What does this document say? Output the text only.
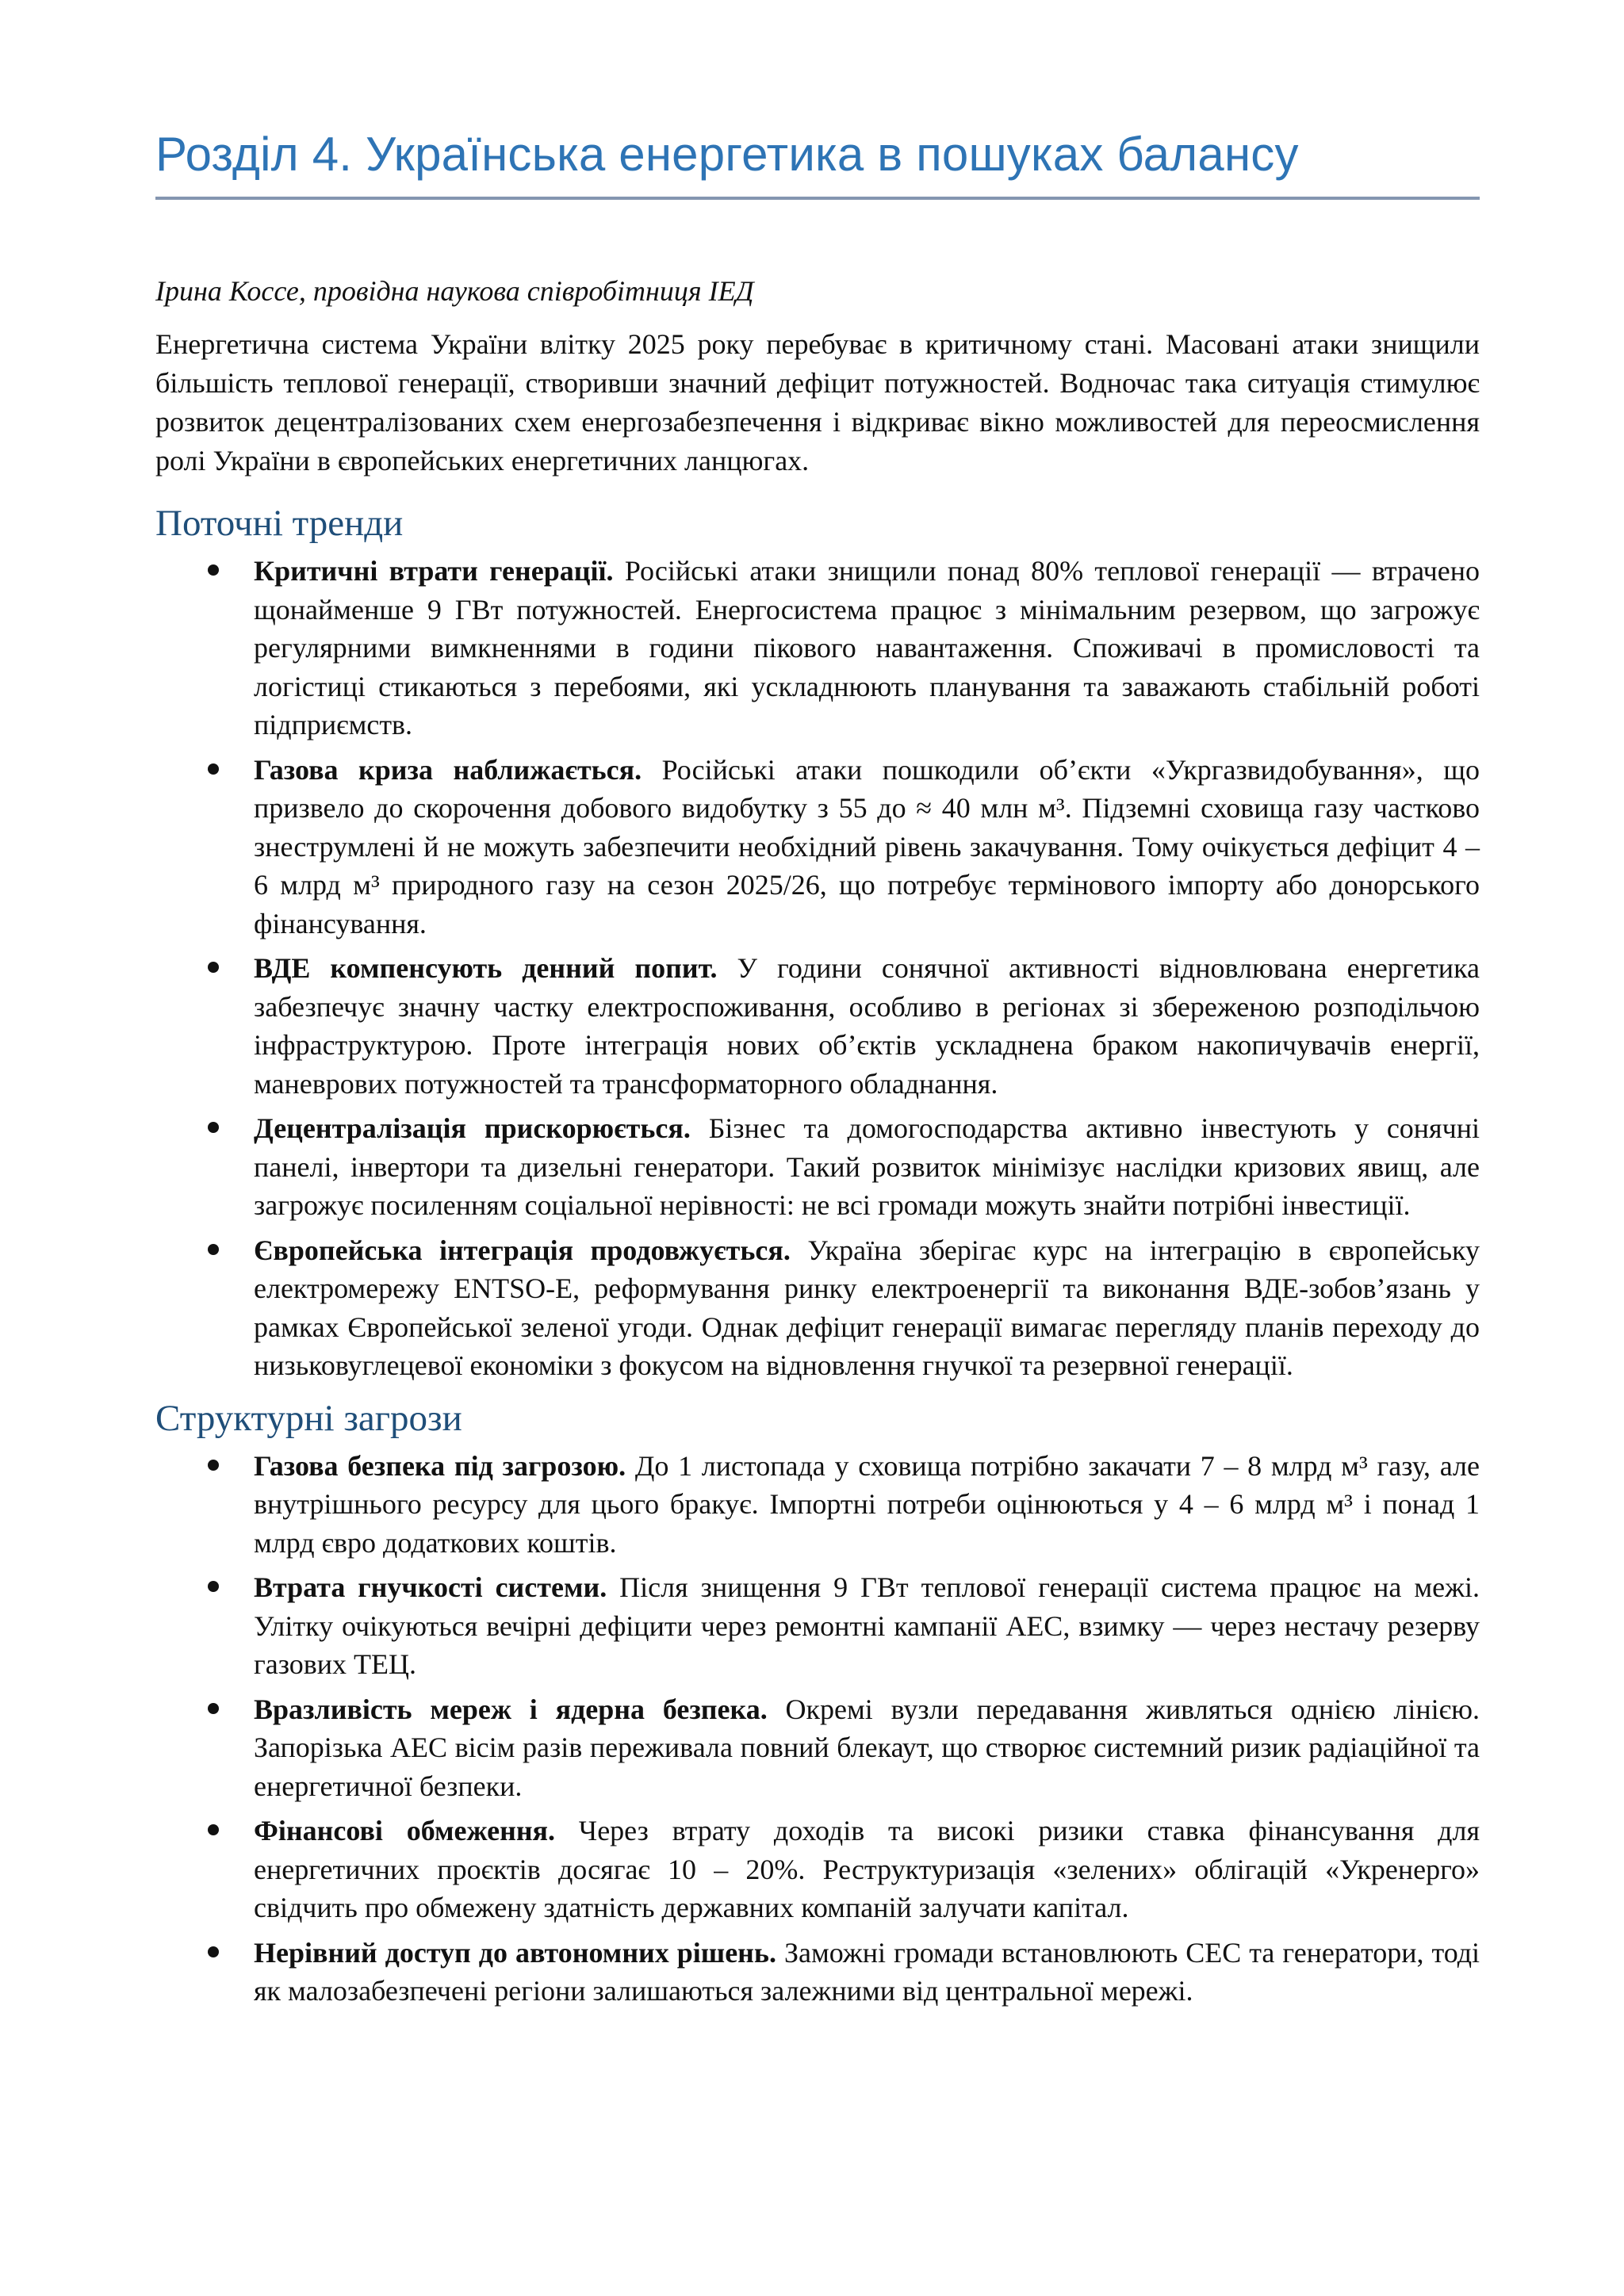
Розділ 4. Українська енергетика в пошуках балансу

Ірина Коссе, провідна наукова співробітниця ІЕД

Енергетична система України влітку 2025 року перебуває в критичному стані. Масовані атаки знищили більшість теплової генерації, створивши значний дефіцит потужностей. Водночас така ситуація стимулює розвиток децентралізованих схем енергозабезпечення і відкриває вікно можливостей для переосмислення ролі України в європейських енергетичних ланцюгах.

Поточні тренди
Критичні втрати генерації. Російські атаки знищили понад 80% теплової генерації — втрачено щонайменше 9 ГВт потужностей. Енергосистема працює з мінімальним резервом, що загрожує регулярними вимкненнями в години пікового навантаження. Споживачі в промисловості та логістиці стикаються з перебоями, які ускладнюють планування та заважають стабільній роботі підприємств.
Газова криза наближається. Російські атаки пошкодили об’єкти «Укргазвидобування», що призвело до скорочення добового видобутку з 55 до ≈ 40 млн м³. Підземні сховища газу частково знеструмлені й не можуть забезпечити необхідний рівень закачування. Тому очікується дефіцит 4 – 6 млрд м³ природного газу на сезон 2025/26, що потребує термінового імпорту або донорського фінансування.
ВДЕ компенсують денний попит. У години сонячної активності відновлювана енергетика забезпечує значну частку електроспоживання, особливо в регіонах зі збереженою розподільчою інфраструктурою. Проте інтеграція нових об’єктів ускладнена браком накопичувачів енергії, маневрових потужностей та трансформаторного обладнання.
Децентралізація прискорюється. Бізнес та домогосподарства активно інвестують у сонячні панелі, інвертори та дизельні генератори. Такий розвиток мінімізує наслідки кризових явищ, але загрожує посиленням соціальної нерівності: не всі громади можуть знайти потрібні інвестиції.
Європейська інтеграція продовжується. Україна зберігає курс на інтеграцію в європейську електромережу ENTSO-E, реформування ринку електроенергії та виконання ВДЕ-зобов’язань у рамках Європейської зеленої угоди. Однак дефіцит генерації вимагає перегляду планів переходу до низьковуглецевої економіки з фокусом на відновлення гнучкої та резервної генерації.
Структурні загрози
Газова безпека під загрозою. До 1 листопада у сховища потрібно закачати 7 – 8 млрд м³ газу, але внутрішнього ресурсу для цього бракує. Імпортні потреби оцінюються у 4 – 6 млрд м³ і понад 1 млрд євро додаткових коштів.
Втрата гнучкості системи. Після знищення 9 ГВт теплової генерації система працює на межі. Улітку очікуються вечірні дефіцити через ремонтні кампанії АЕС, взимку — через нестачу резерву газових ТЕЦ.
Вразливість мереж і ядерна безпека. Окремі вузли передавання живляться однією лінією. Запорізька АЕС вісім разів переживала повний блекаут, що створює системний ризик радіаційної та енергетичної безпеки.
Фінансові обмеження. Через втрату доходів та високі ризики ставка фінансування для енергетичних проєктів досягає 10 – 20%. Реструктуризація «зелених» облігацій «Укренерго» свідчить про обмежену здатність державних компаній залучати капітал.
Нерівний доступ до автономних рішень. Заможні громади встановлюють СЕС та генератори, тоді як малозабезпечені регіони залишаються залежними від центральної мережі.
